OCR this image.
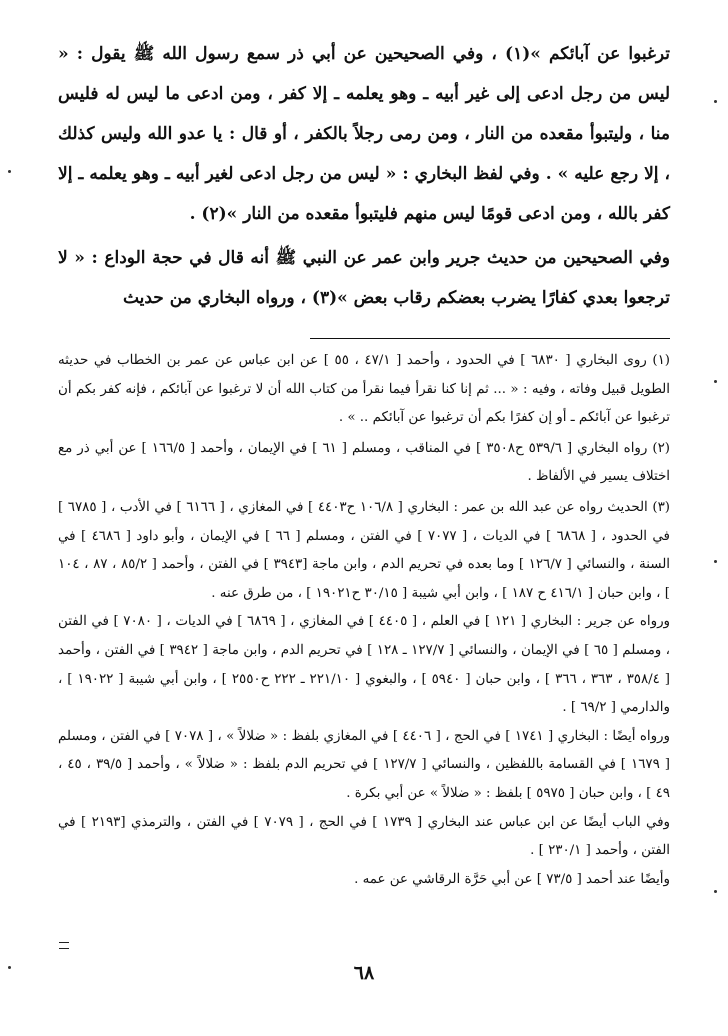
ترغبوا عن آبائكم »(١) ، وفي الصحيحين عن أبي ذر سمع رسول الله ﷺ يقول : « ليس من رجل ادعى إلى غير أبيه ـ وهو يعلمه ـ إلا كفر ، ومن ادعى ما ليس له فليس منا ، وليتبوأ مقعده من النار ، ومن رمى رجلاً بالكفر ، أو قال : يا عدو الله وليس كذلك ، إلا رجع عليه » . وفي لفظ البخاري : « ليس من رجل ادعى لغير أبيه ـ وهو يعلمه ـ إلا كفر بالله ، ومن ادعى قومًا ليس منهم فليتبوأ مقعده من النار »(٢) .

وفي الصحيحين من حديث جرير وابن عمر عن النبي ﷺ أنه قال في حجة الوداع : « لا ترجعوا بعدي كفارًا يضرب بعضكم رقاب بعض »(٣) ، ورواه البخاري من حديث

(١) روى البخاري [ ٦٨٣٠ ] في الحدود ، وأحمد [ ٤٧/١ ، ٥٥ ] عن ابن عباس عن عمر بن الخطاب في حديثه الطويل قبيل وفاته ، وفيه : « ... ثم إنا كنا نقرأ فيما نقرأ من كتاب الله أن لا ترغبوا عن آبائكم ، فإنه كفر بكم أن ترغبوا عن آبائكم ـ أو إن كفرًا بكم أن ترغبوا عن آبائكم .. » .

(٢) رواه البخاري [ ٥٣٩/٦ ح٣٥٠٨ ] في المناقب ، ومسلم [ ٦١ ] في الإيمان ، وأحمد [ ١٦٦/٥ ] عن أبي ذر مع اختلاف يسير في الألفاظ .

(٣) الحديث رواه عن عبد الله بن عمر : البخاري [ ١٠٦/٨ ح٤٤٠٣ ] في المغازي ، [ ٦١٦٦ ] في الأدب ، [ ٦٧٨٥ ] في الحدود ، [ ٦٨٦٨ ] في الديات ، [ ٧٠٧٧ ] في الفتن ، ومسلم [ ٦٦ ] في الإيمان ، وأبو داود [ ٤٦٨٦ ] في السنة ، والنسائي [ ١٢٦/٧ ] وما بعده في تحريم الدم ، وابن ماجة [٣٩٤٣ ] في الفتن ، وأحمد [ ٨٥/٢ ، ٨٧ ، ١٠٤ ] ، وابن حبان [ ٤١٦/١ ح ١٨٧ ] ، وابن أبي شيبة [ ٣٠/١٥ ح١٩٠٢١ ] ، من طرق عنه .

ورواه عن جرير : البخاري [ ١٢١ ] في العلم ، [ ٤٤٠٥ ] في المغازي ، [ ٦٨٦٩ ] في الديات ، [ ٧٠٨٠ ] في الفتن ، ومسلم [ ٦٥ ] في الإيمان ، والنسائي [ ١٢٧/٧ ـ ١٢٨ ] في تحريم الدم ، وابن ماجة [ ٣٩٤٢ ] في الفتن ، وأحمد [ ٣٥٨/٤ ، ٣٦٣ ، ٣٦٦ ] ، وابن حبان [ ٥٩٤٠ ] ، والبغوي [ ٢٢١/١٠ ـ ٢٢٢ ح٢٥٥٠ ] ، وابن أبي شيبة [ ١٩٠٢٢ ] ، والدارمي [ ٦٩/٢ ] .

ورواه أيضًا : البخاري [ ١٧٤١ ] في الحج ، [ ٤٤٠٦ ] في المغازي بلفظ : « ضلالاً » ، [ ٧٠٧٨ ] في الفتن ، ومسلم [ ١٦٧٩ ] في القسامة باللفظين ، والنسائي [ ١٢٧/٧ ] في تحريم الدم بلفظ : « ضلالاً » ، وأحمد [ ٣٩/٥ ، ٤٥ ، ٤٩ ] ، وابن حبان [ ٥٩٧٥ ] بلفظ : « ضلالاً » عن أبي بكرة .

وفي الباب أيضًا عن ابن عباس عند البخاري [ ١٧٣٩ ] في الحج ، [ ٧٠٧٩ ] في الفتن ، والترمذي [٢١٩٣ ] في الفتن ، وأحمد [ ٢٣٠/١ ] .

وأيضًا عند أحمد [ ٧٣/٥ ] عن أبي حَرَّة الرقاشي عن عمه .

٦٨
